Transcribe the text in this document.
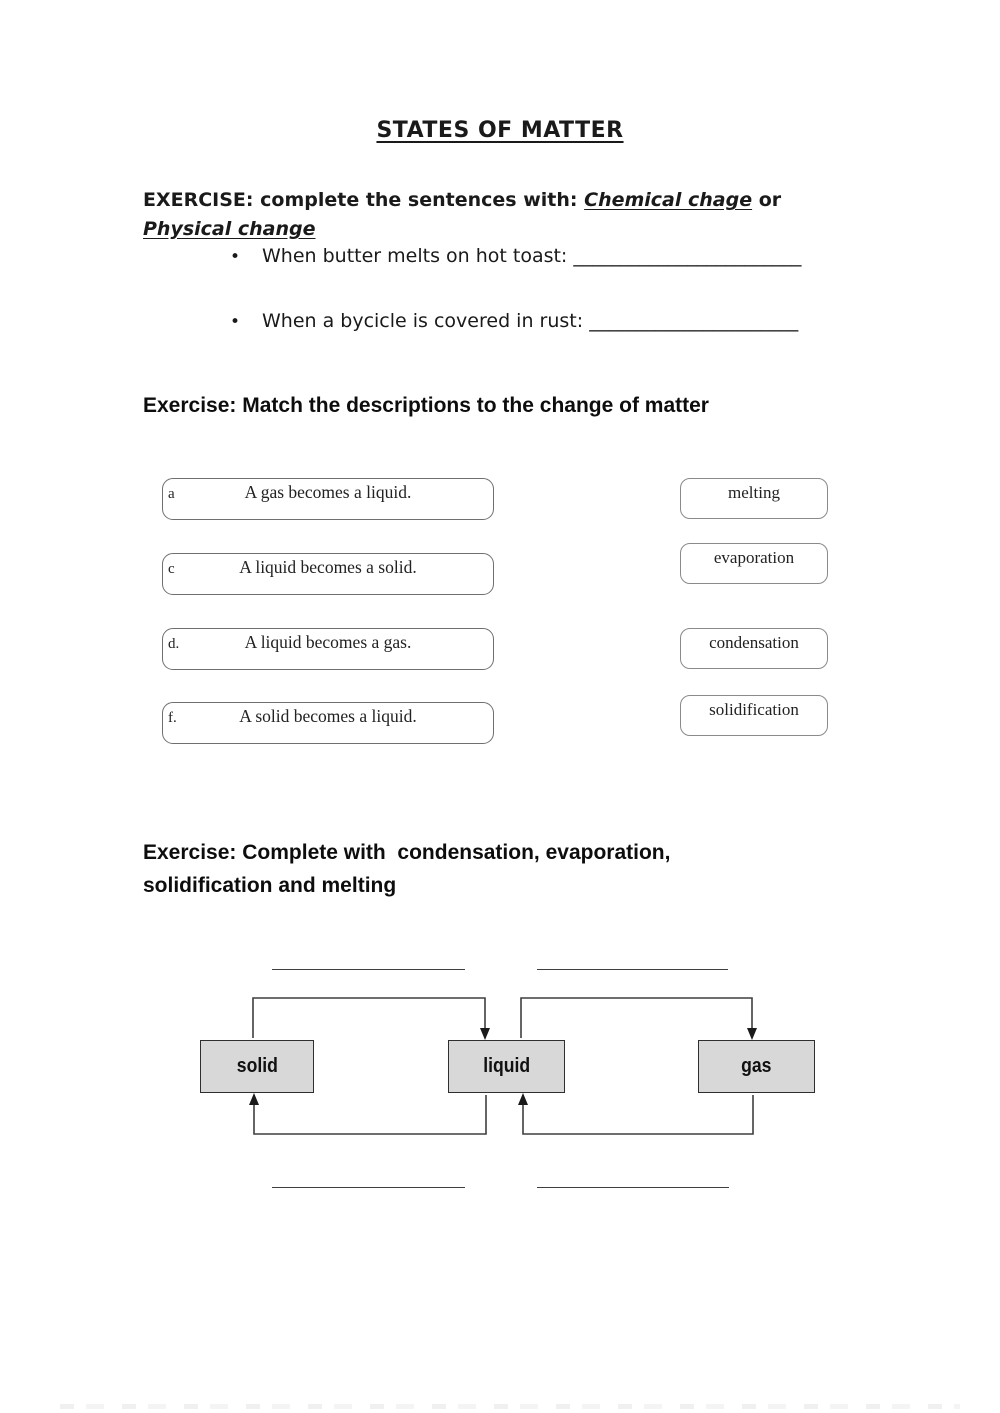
STATES OF MATTER
EXERCISE: complete the sentences with: Chemical chage or Physical change
• When butter melts on hot toast: ________________________
• When a bycicle is covered in rust: ______________________
Exercise: Match the descriptions to the change of matter
a	A gas becomes a liquid.
c	A liquid becomes a solid.
d.	A liquid becomes a gas.
f.	A solid becomes a liquid.
melting
evaporation
condensation
solidification
Exercise: Complete with  condensation, evaporation,
solidification and melting
solid	liquid	gas
